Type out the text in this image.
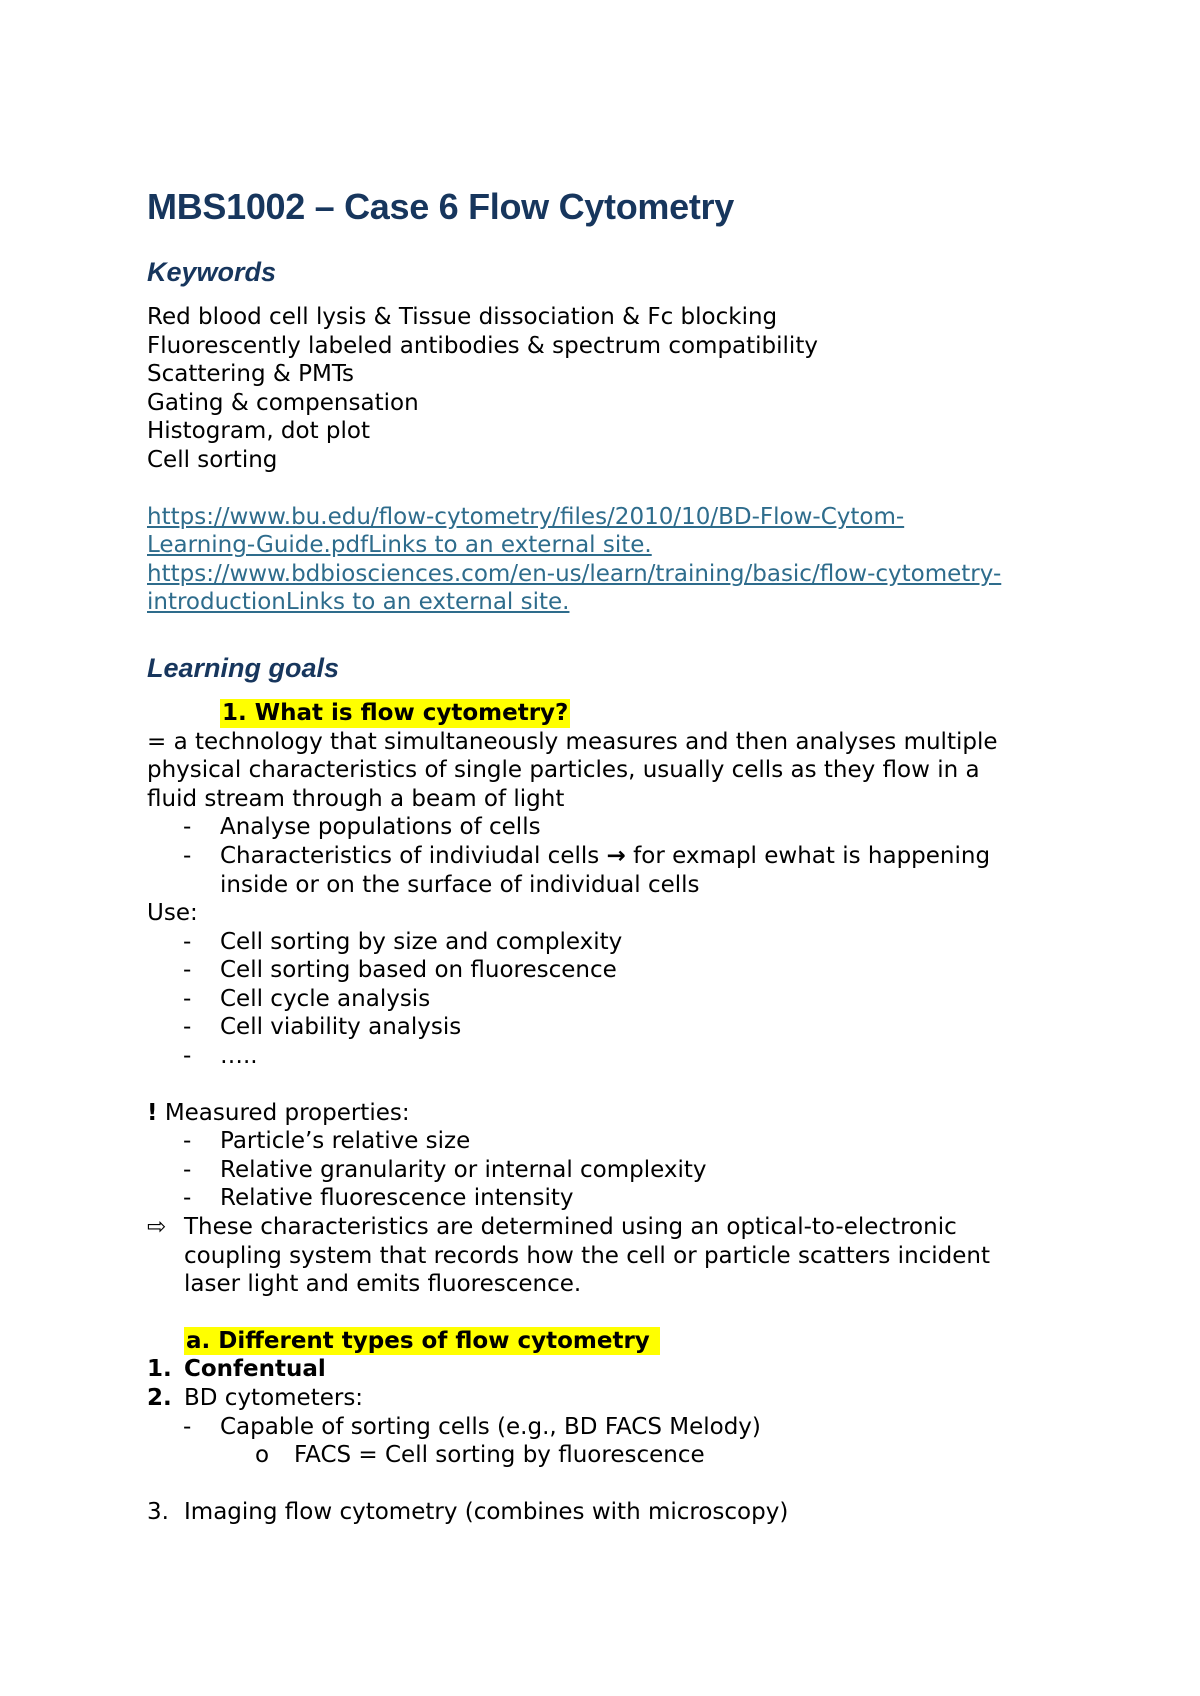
MBS1002 – Case 6 Flow Cytometry
Keywords
Red blood cell lysis & Tissue dissociation & Fc blocking
Fluorescently labeled antibodies & spectrum compatibility
Scattering & PMTs
Gating & compensation
Histogram, dot plot
Cell sorting
https://www.bu.edu/flow-cytometry/files/2010/10/BD-Flow-Cytom-
Learning-Guide.pdfLinks to an external site.
https://www.bdbiosciences.com/en-us/learn/training/basic/flow-cytometry-
introductionLinks to an external site.
Learning goals
1. What is flow cytometry?
= a technology that simultaneously measures and then analyses multiple
physical characteristics of single particles, usually cells as they flow in a
fluid stream through a beam of light
-	Analyse populations of cells
-	Characteristics of indiviudal cells → for exmapl ewhat is happening
inside or on the surface of individual cells
Use:
-	Cell sorting by size and complexity
-	Cell sorting based on fluorescence
-	Cell cycle analysis
-	Cell viability analysis
-	…..
! Measured properties:
-	Particle’s relative size
-	Relative granularity or internal complexity
-	Relative fluorescence intensity
⇨ These characteristics are determined using an optical-to-electronic
coupling system that records how the cell or particle scatters incident
laser light and emits fluorescence.
a. Different types of flow cytometry
1. Confentual
2. BD cytometers:
-	Capable of sorting cells (e.g., BD FACS Melody)
o	FACS = Cell sorting by fluorescence
3. Imaging flow cytometry (combines with microscopy)
